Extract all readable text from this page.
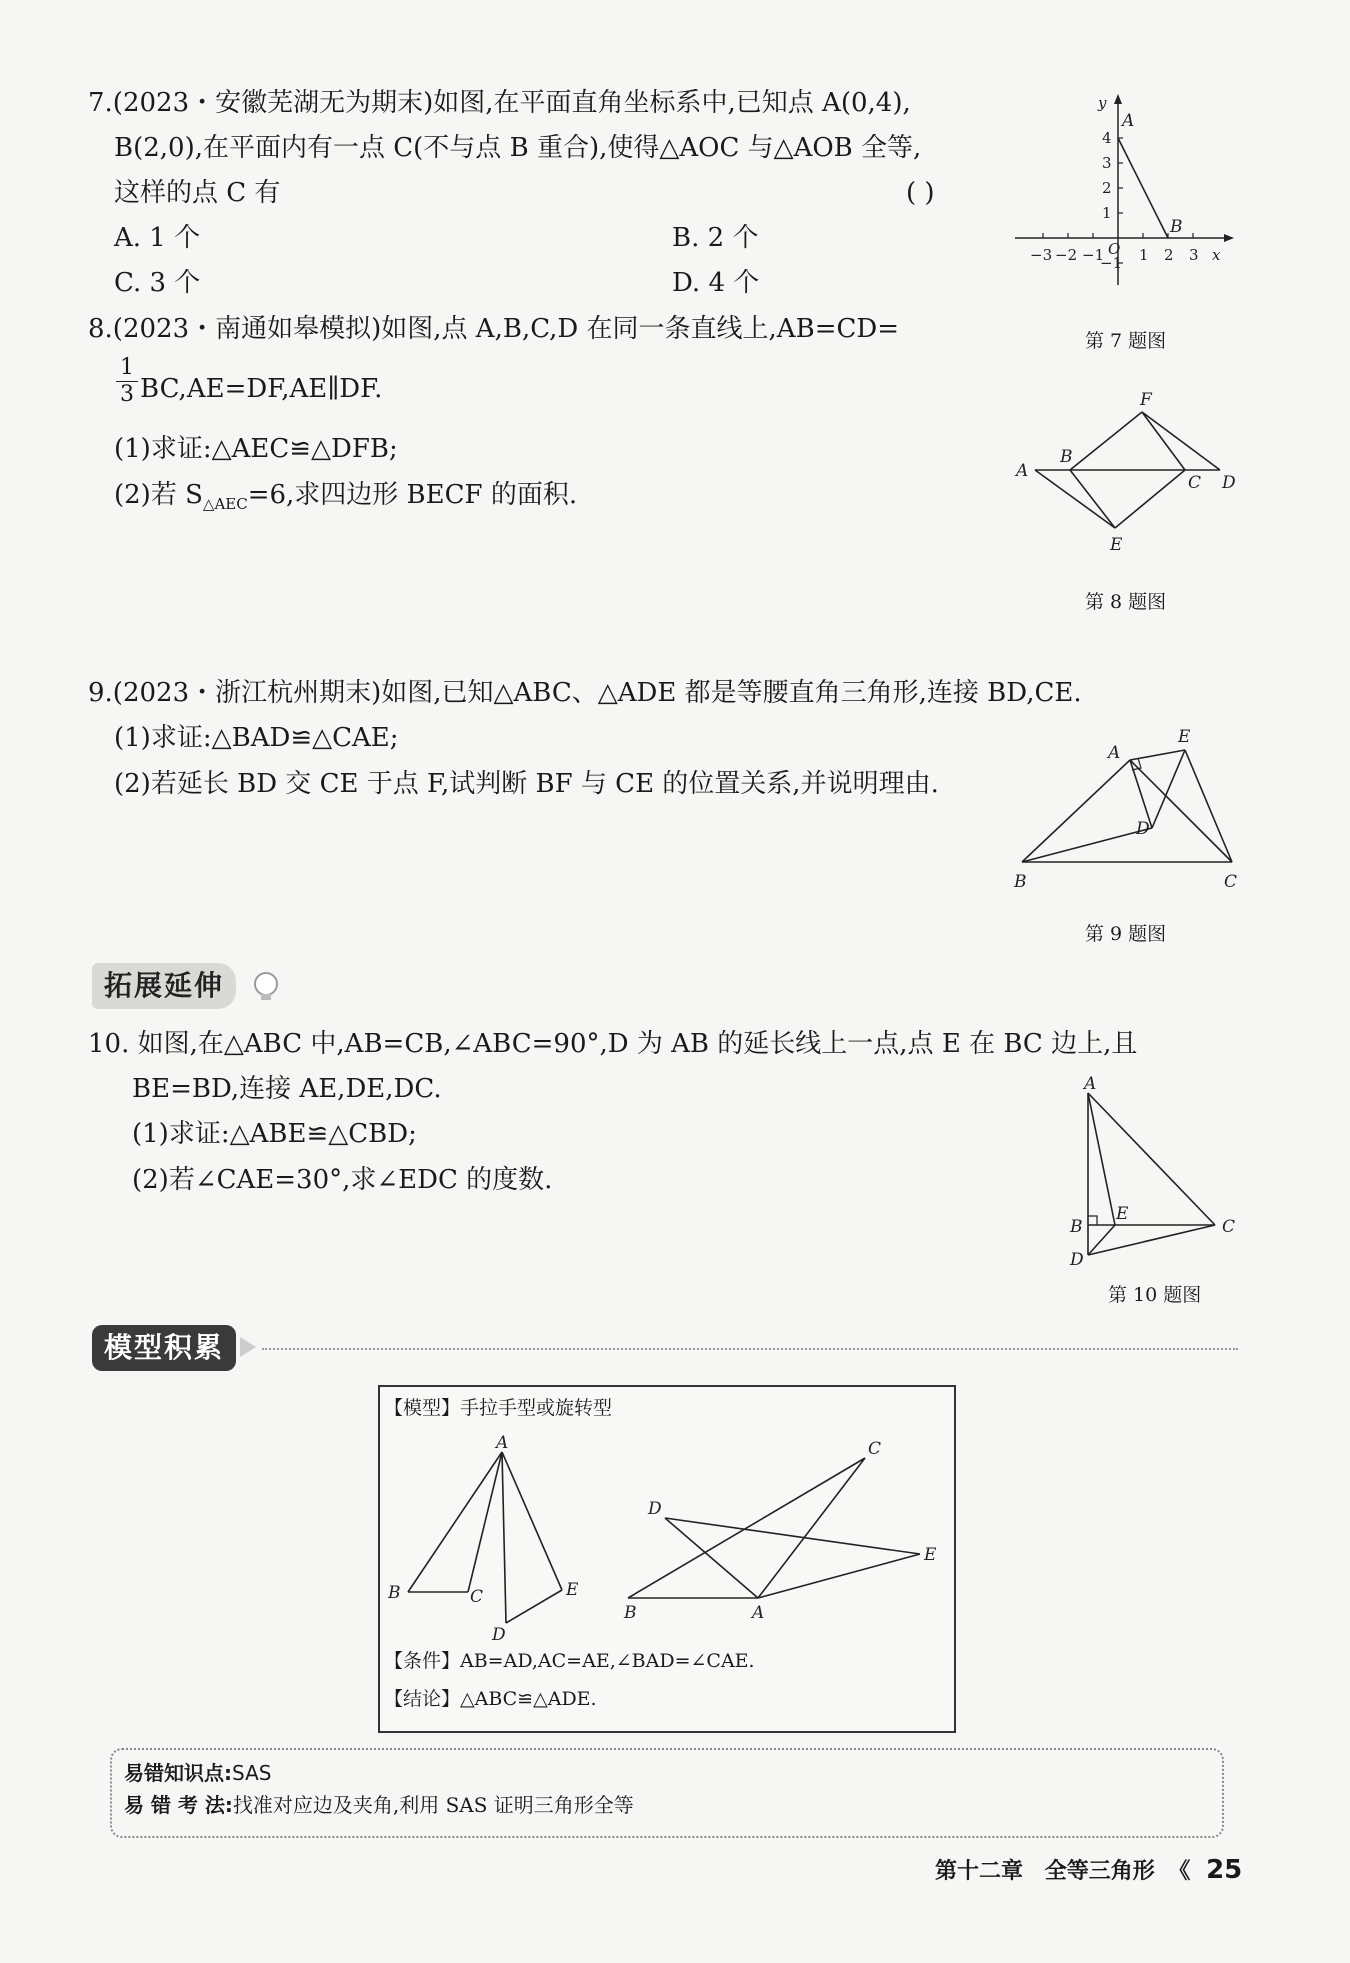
7.(2023・安徽芜湖无为期末)如图,在平面直角坐标系中,已知点 A(0,4),
B(2,0),在平面内有一点 C(不与点 B 重合),使得△AOC 与△AOB 全等,
这样的点 C 有	( )
A. 1 个	B. 2 个
C. 3 个	D. 4 个
x
y
O
A
B
−3 −2 −1 1 2 3
4
3
2
1
−1
第 7 题图
8.(2023・南通如皋模拟)如图,点 A,B,C,D 在同一条直线上,AB=CD=
$\frac{1}{3}$ BC,AE=DF,AE∥DF.
(1)求证:△AEC≌△DFB;
(2)若 $S_{\triangle AEC}=6$,求四边形 BECF 的面积.
A
B
C D
E
F
第 8 题图
9.(2023・浙江杭州期末)如图,已知△ABC、△ADE 都是等腰直角三角形,连接 BD,CE.
(1)求证:△BAD≌△CAE;
(2)若延长 BD 交 CE 于点 F,试判断 BF 与 CE 的位置关系,并说明理由.
A
B	C
D
E
第 9 题图
拓展延伸
10. 如图,在△ABC 中,AB=CB,∠ABC=90°,D 为 AB 的延长线上一点,点 E 在 BC 边上,且
BE=BD,连接 AE,DE,DC.
(1)求证:△ABE≌△CBD;
(2)若∠CAE=30°,求∠EDC 的度数.
A
B	C
D
E
第 10 题图
模型积累
【模型】手拉手型或旋转型
A
B	C
D
E
A
B
C
D
E
【条件】AB=AD,AC=AE,∠BAD=∠CAE.
【结论】△ABC≌△ADE.
易错知识点:SAS
易 错 考 法:找准对应边及夹角,利用 SAS 证明三角形全等
第十二章 全等三角形 《 25
